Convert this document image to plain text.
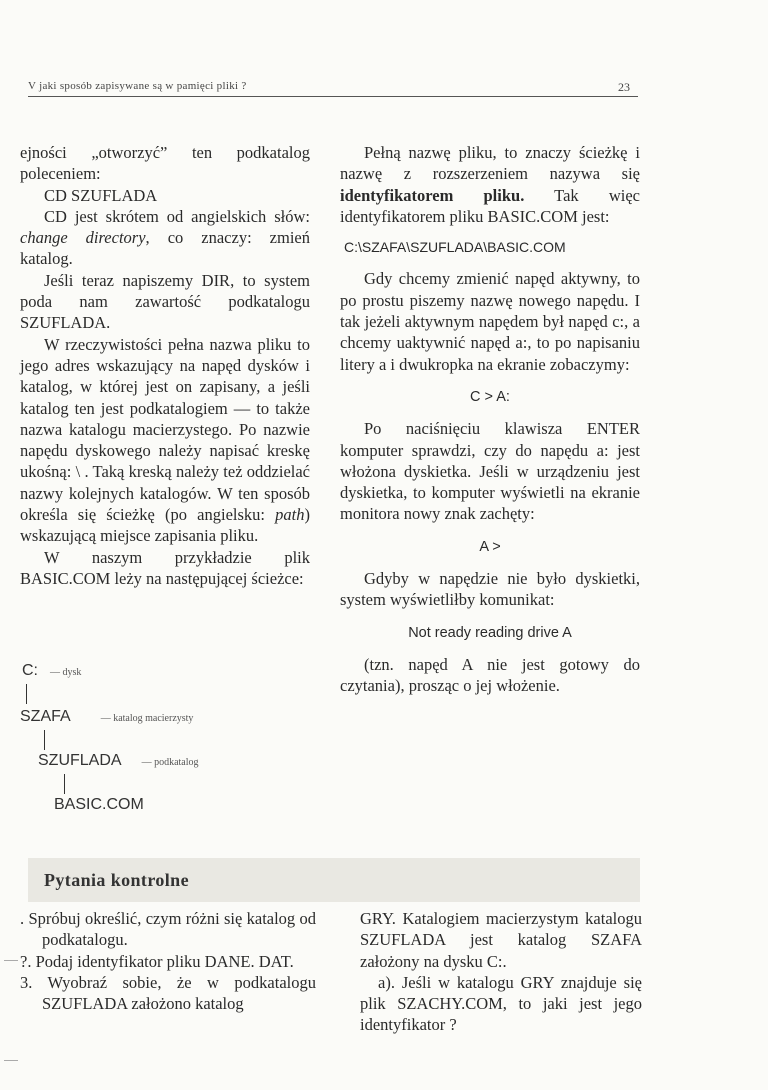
V jaki sposób zapisywane są w pamięci pliki ?	23

ejności „otworzyć” ten podkatalog poleceniem:

CD SZUFLADA

CD jest skrótem od angielskich słów: change directory, co znaczy: zmień katalog.

Jeśli teraz napiszemy DIR, to system poda nam zawartość podkatalogu SZUFLADA.

W rzeczywistości pełna nazwa pliku to jego adres wskazujący na napęd dysków i katalog, w której jest on zapisany, a jeśli katalog ten jest podkatalogiem — to także nazwa katalogu macierzystego. Po nazwie napędu dyskowego należy napisać kreskę ukośną: \ . Taką kreską należy też oddzielać nazwy kolejnych katalogów. W ten sposób określa się ścieżkę (po angielsku: path) wskazującą miejsce zapisania pliku.

W naszym przykładzie plik BASIC.COM leży na następującej ścieżce:

C: — dysk
SZAFA	— katalog macierzysty
SZUFLADA — podkatalog
BASIC.COM

Pełną nazwę pliku, to znaczy ścieżkę i nazwę z rozszerzeniem nazywa się identyfikatorem pliku. Tak więc identyfikatorem pliku BASIC.COM jest:

C:\SZAFA\SZUFLADA\BASIC.COM

Gdy chcemy zmienić napęd aktywny, to po prostu piszemy nazwę nowego napędu. I tak jeżeli aktywnym napędem był napęd c:, a chcemy uaktywnić napęd a:, to po napisaniu litery a i dwukropka na ekranie zobaczymy:

C > A:

Po naciśnięciu klawisza ENTER komputer sprawdzi, czy do napędu a: jest włożona dyskietka. Jeśli w urządzeniu jest dyskietka, to komputer wyświetli na ekranie monitora nowy znak zachęty:

A >

Gdyby w napędzie nie było dyskietki, system wyświetliłby komunikat:

Not ready reading drive A

(tzn. napęd A nie jest gotowy do czytania), prosząc o jej włożenie.

Pytania kontrolne

. Spróbuj określić, czym różni się katalog od podkatalogu.

?. Podaj identyfikator pliku DANE. DAT.

3. Wyobraź sobie, że w podkatalogu SZUFLADA założono katalog

GRY. Katalogiem macierzystym katalogu SZUFLADA jest katalog SZAFA założony na dysku C:.

a). Jeśli w katalogu GRY znajduje się plik SZACHY.COM, to jaki jest jego identyfikator ?
